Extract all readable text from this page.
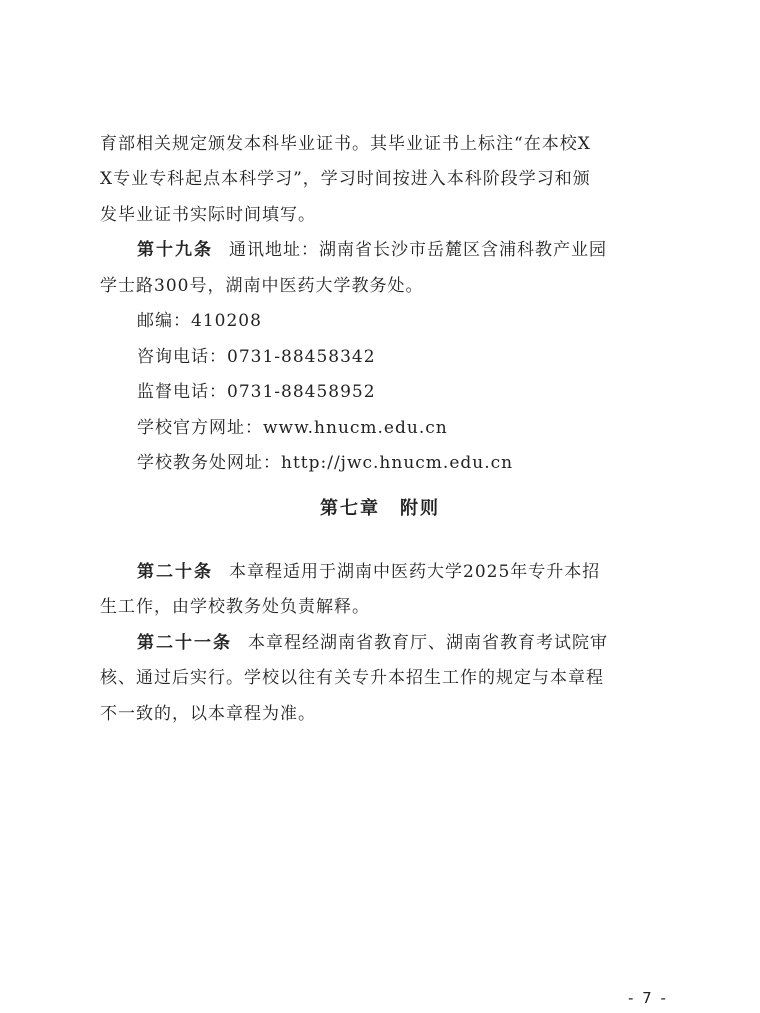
育部相关规定颁发本科毕业证书。其毕业证书上标注“在本校X
X专业专科起点本科学习”，学习时间按进入本科阶段学习和颁
发毕业证书实际时间填写。
第十九条 通讯地址：湖南省长沙市岳麓区含浦科教产业园
学士路300号，湖南中医药大学教务处。
邮编：410208
咨询电话：0731-88458342
监督电话：0731-88458952
学校官方网址：www.hnucm.edu.cn
学校教务处网址：http://jwc.hnucm.edu.cn
第七章　附则
第二十条 本章程适用于湖南中医药大学2025年专升本招
生工作，由学校教务处负责解释。
第二十一条 本章程经湖南省教育厅、湖南省教育考试院审
核、通过后实行。学校以往有关专升本招生工作的规定与本章程
不一致的，以本章程为准。
- 7 -
